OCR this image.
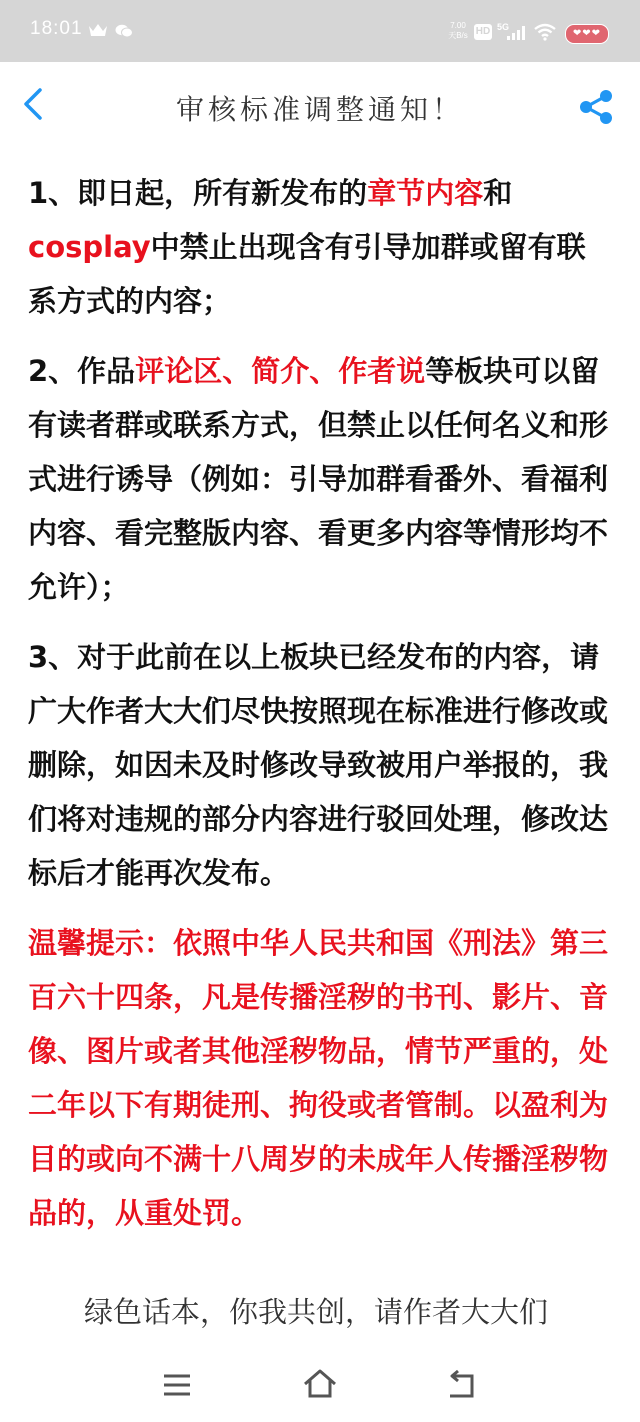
18:01	7.00
天B/s HD 5G
❤❤❤
审核标准调整通知！

1、即日起，所有新发布的章节内容和cosplay中禁止出现含有引导加群或留有联系方式的内容；

2、作品评论区、简介、作者说等板块可以留有读者群或联系方式，但禁止以任何名义和形式进行诱导（例如：引导加群看番外、看福利内容、看完整版内容、看更多内容等情形均不允许）；

3、对于此前在以上板块已经发布的内容，请广大作者大大们尽快按照现在标准进行修改或删除，如因未及时修改导致被用户举报的，我们将对违规的部分内容进行驳回处理，修改达标后才能再次发布。

温馨提示：依照中华人民共和国《刑法》第三百六十四条，凡是传播淫秽的书刊、影片、音像、图片或者其他淫秽物品，情节严重的，处二年以下有期徒刑、拘役或者管制。以盈利为目的或向不满十八周岁的未成年人传播淫秽物品的，从重处罚。

绿色话本，你我共创，请作者大大们
